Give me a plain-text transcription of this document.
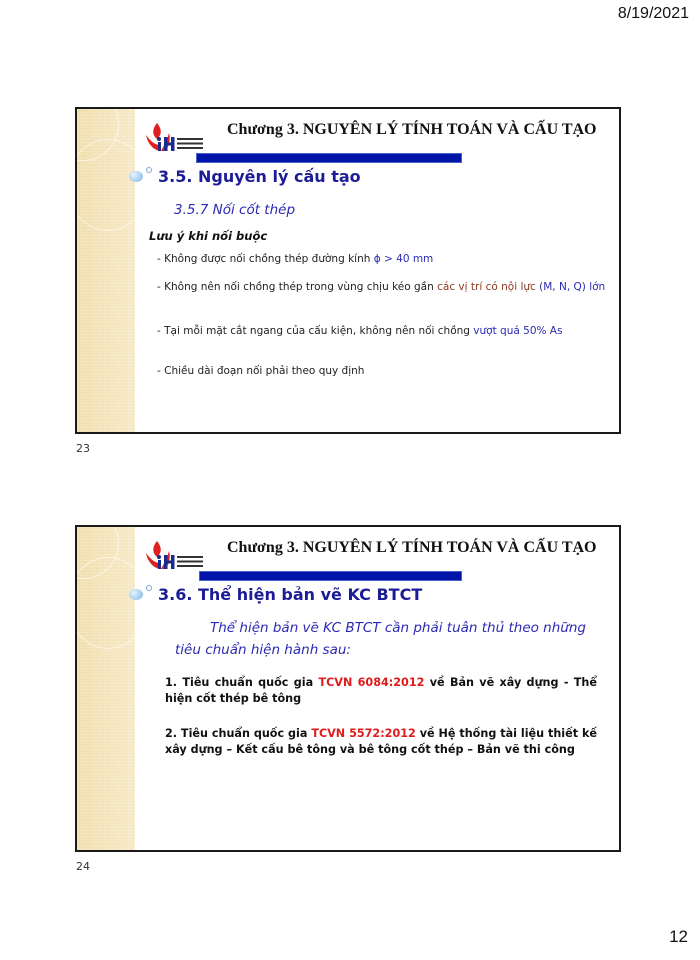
8/19/2021
Chương 3. NGUYÊN LÝ TÍNH TOÁN VÀ CẤU TẠO
3.5. Nguyên lý cấu tạo
3.5.7 Nối cốt thép
Lưu ý khi nối buộc
- Không được nối chồng thép đường kính ϕ > 40 mm
- Không nên nối chồng thép trong vùng chịu kéo gần các vị trí có nội lực (M, N, Q) lớn
- Tại mỗi mặt cắt ngang của cấu kiện, không nên nối chồng vượt quá 50% As
- Chiều dài đoạn nối phải theo quy định
23
Chương 3. NGUYÊN LÝ TÍNH TOÁN VÀ CẤU TẠO
3.6. Thể hiện bản vẽ KC BTCT
Thể hiện bản vẽ KC BTCT cần phải tuân thủ theo những tiêu chuẩn hiện hành sau:
1. Tiêu chuẩn quốc gia TCVN 6084:2012 về Bản vẽ xây dựng - Thể hiện cốt thép bê tông
2. Tiêu chuẩn quốc gia TCVN 5572:2012 về Hệ thống tài liệu thiết kế xây dựng – Kết cấu bê tông và bê tông cốt thép – Bản vẽ thi công
24
12
